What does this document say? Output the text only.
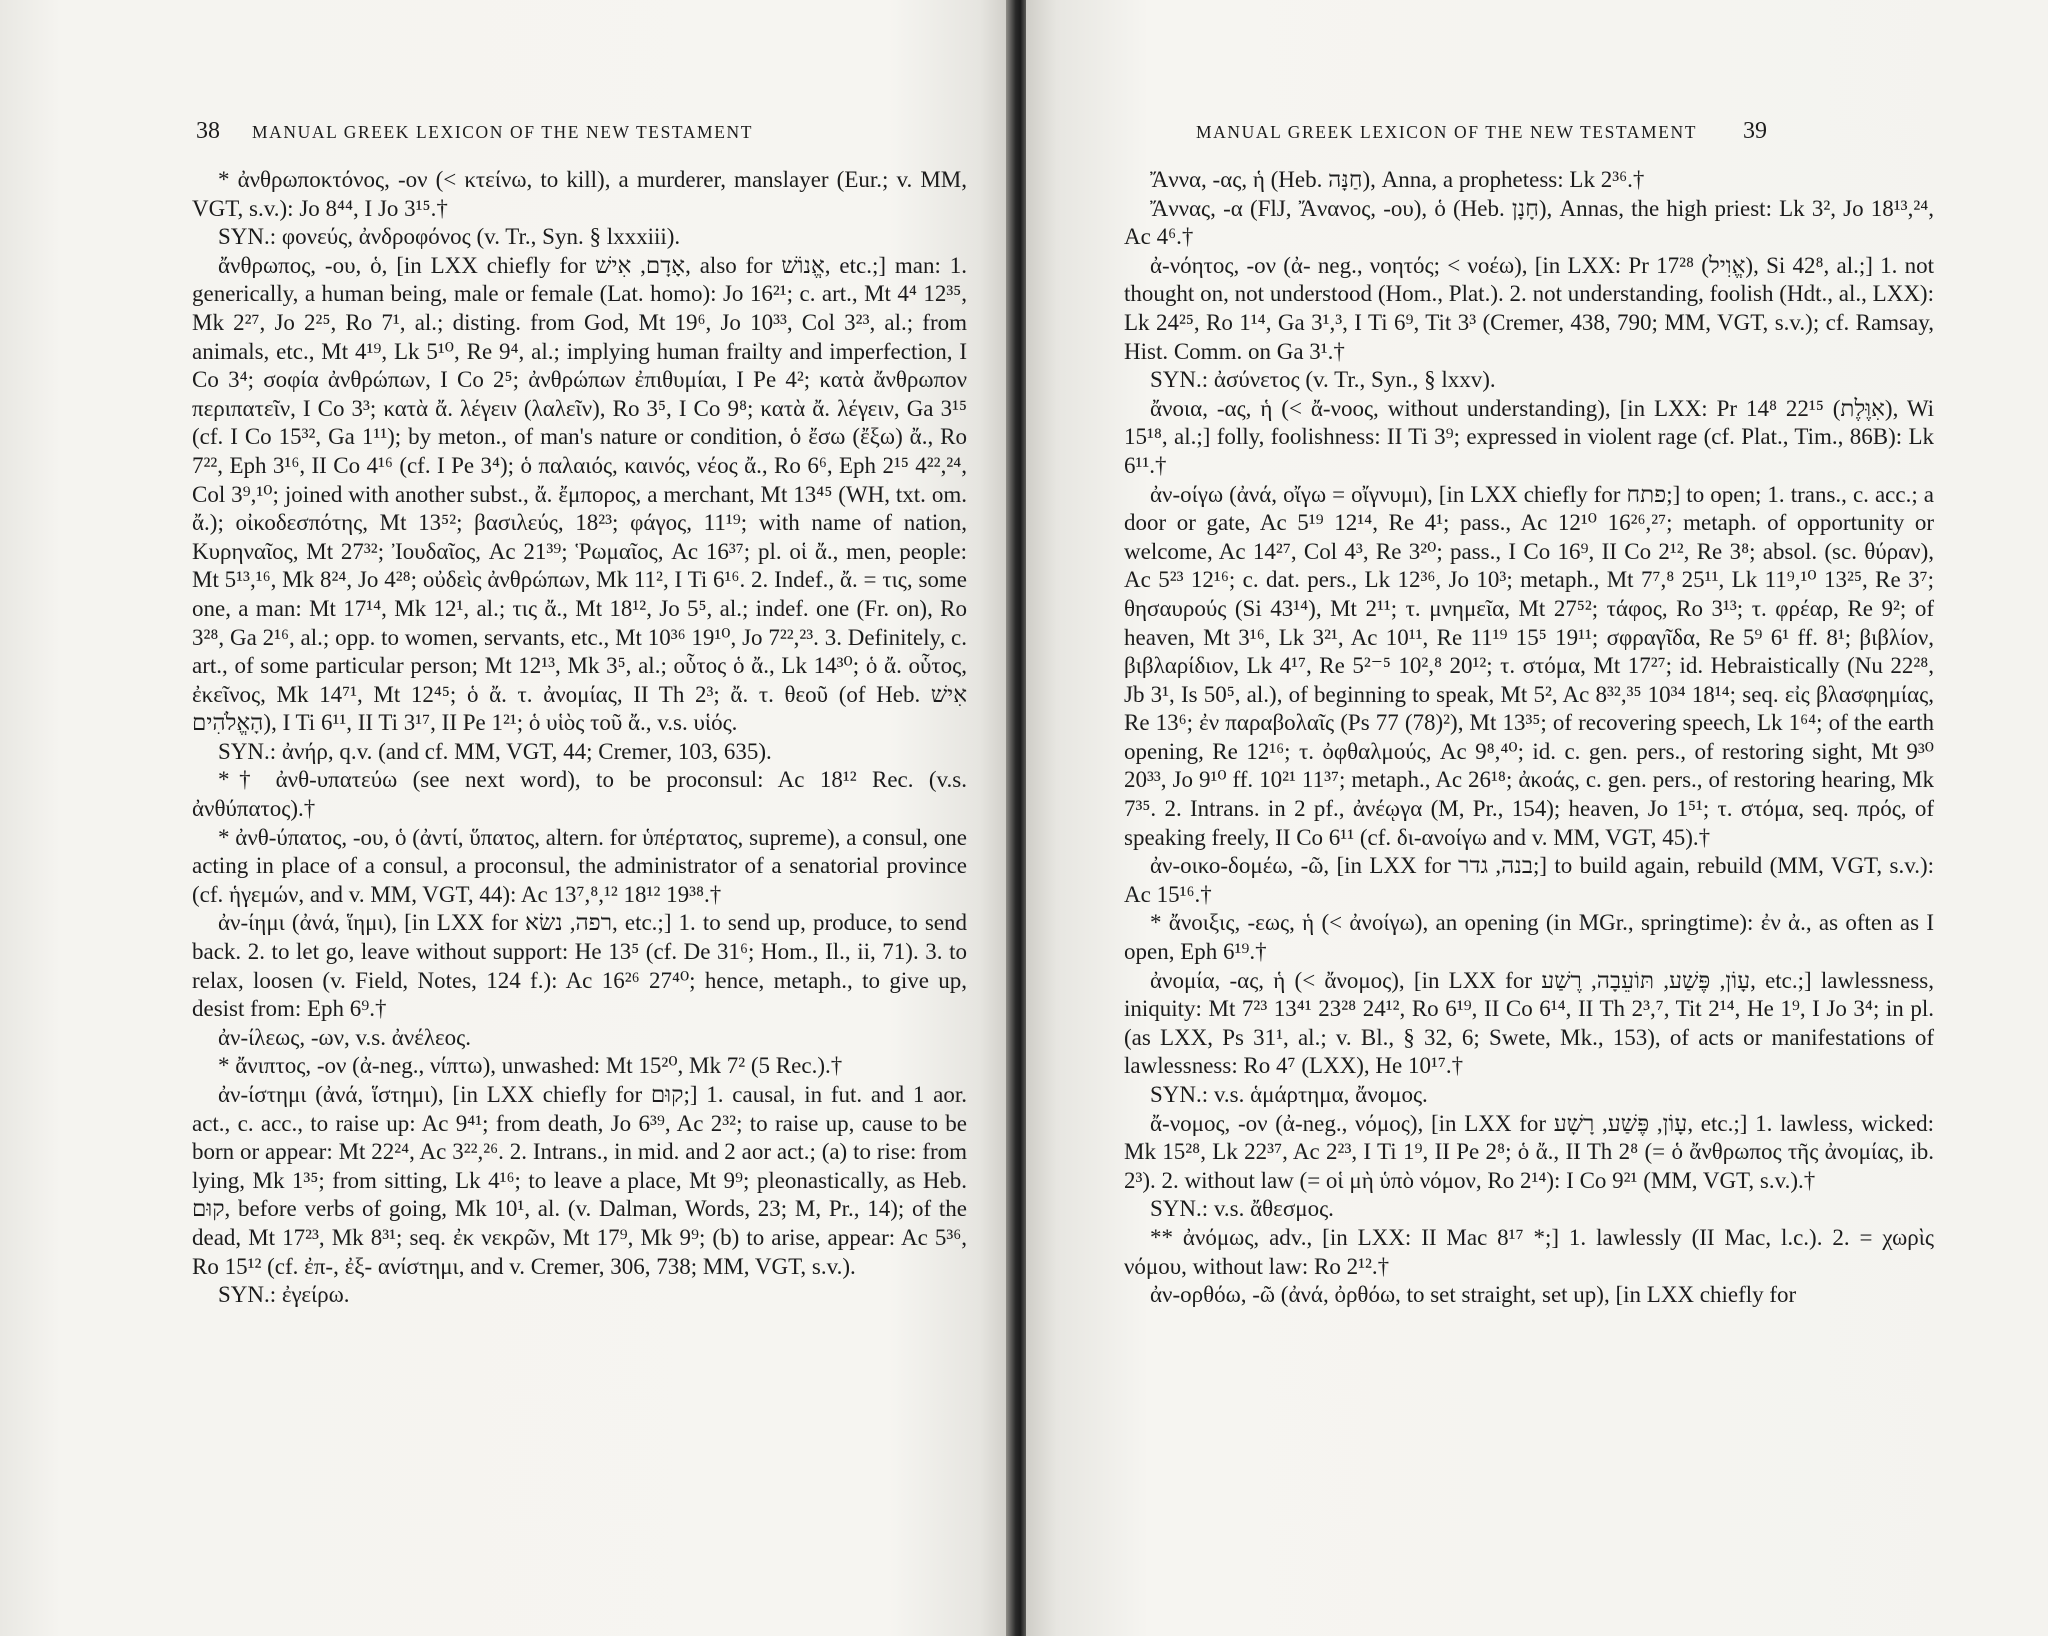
38 MANUAL GREEK LEXICON OF THE NEW TESTAMENT

* ἀνθρωποκτόνος, -ον (< κτείνω, to kill), a murderer, manslayer (Eur.; v. MM, VGT, s.v.): Jo 8⁴⁴, I Jo 3¹⁵.†

SYN.: φονεύς, ἀνδροφόνος (v. Tr., Syn. § lxxxiii).

ἄνθρωπος, -ου, ὁ, [in LXX chiefly for אָדָם, אִישׁ, also for אֱנוֹשׁ, etc.;] man: 1. generically, a human being, male or female (Lat. homo): Jo 16²¹; c. art., Mt 4⁴ 12³⁵, Mk 2²⁷, Jo 2²⁵, Ro 7¹, al.; disting. from God, Mt 19⁶, Jo 10³³, Col 3²³, al.; from animals, etc., Mt 4¹⁹, Lk 5¹⁰, Re 9⁴, al.; implying human frailty and imperfection, I Co 3⁴; σοφία ἀνθρώπων, I Co 2⁵; ἀνθρώπων ἐπιθυμίαι, I Pe 4²; κατὰ ἄνθρωπον περιπατεῖν, I Co 3³; κατὰ ἄ. λέγειν (λαλεῖν), Ro 3⁵, I Co 9⁸; κατὰ ἄ. λέγειν, Ga 3¹⁵ (cf. I Co 15³², Ga 1¹¹); by meton., of man's nature or condition, ὁ ἔσω (ἔξω) ἄ., Ro 7²², Eph 3¹⁶, II Co 4¹⁶ (cf. I Pe 3⁴); ὁ παλαιός, καινός, νέος ἄ., Ro 6⁶, Eph 2¹⁵ 4²²,²⁴, Col 3⁹,¹⁰; joined with another subst., ἄ. ἔμπορος, a merchant, Mt 13⁴⁵ (WH, txt. om. ἄ.); οἰκοδεσπότης, Mt 13⁵²; βασιλεύς, 18²³; φάγος, 11¹⁹; with name of nation, Κυρηναῖος, Mt 27³²; Ἰουδαῖος, Ac 21³⁹; Ῥωμαῖος, Ac 16³⁷; pl. οἱ ἄ., men, people: Mt 5¹³,¹⁶, Mk 8²⁴, Jo 4²⁸; οὐδεὶς ἀνθρώπων, Mk 11², I Ti 6¹⁶. 2. Indef., ἄ. = τις, some one, a man: Mt 17¹⁴, Mk 12¹, al.; τις ἄ., Mt 18¹², Jo 5⁵, al.; indef. one (Fr. on), Ro 3²⁸, Ga 2¹⁶, al.; opp. to women, servants, etc., Mt 10³⁶ 19¹⁰, Jo 7²²,²³. 3. Definitely, c. art., of some particular person; Mt 12¹³, Mk 3⁵, al.; οὗτος ὁ ἄ., Lk 14³⁰; ὁ ἄ. οὗτος, ἐκεῖνος, Mk 14⁷¹, Mt 12⁴⁵; ὁ ἄ. τ. ἀνομίας, II Th 2³; ἄ. τ. θεοῦ (of Heb. אִישׁ הָאֱלֹהִים), I Ti 6¹¹, II Ti 3¹⁷, II Pe 1²¹; ὁ υἱὸς τοῦ ἄ., v.s. υἱός.

SYN.: ἀνήρ, q.v. (and cf. MM, VGT, 44; Cremer, 103, 635).

*† ἀνθ-υπατεύω (see next word), to be proconsul: Ac 18¹² Rec. (v.s. ἀνθύπατος).†

* ἀνθ-ύπατος, -ου, ὁ (ἀντί, ὕπατος, altern. for ὑπέρτατος, supreme), a consul, one acting in place of a consul, a proconsul, the administrator of a senatorial province (cf. ἡγεμών, and v. MM, VGT, 44): Ac 13⁷,⁸,¹² 18¹² 19³⁸.†

ἀν-ίημι (ἀνά, ἵημι), [in LXX for רפה, נשׂא, etc.;] 1. to send up, produce, to send back. 2. to let go, leave without support: He 13⁵ (cf. De 31⁶; Hom., Il., ii, 71). 3. to relax, loosen (v. Field, Notes, 124 f.): Ac 16²⁶ 27⁴⁰; hence, metaph., to give up, desist from: Eph 6⁹.†

ἀν-ίλεως, -ων, v.s. ἀνέλεος.

* ἄνιπτος, -ον (ἀ-neg., νίπτω), unwashed: Mt 15²⁰, Mk 7² (5 Rec.).†

ἀν-ίστημι (ἀνά, ἵστημι), [in LXX chiefly for קוּם;] 1. causal, in fut. and 1 aor. act., c. acc., to raise up: Ac 9⁴¹; from death, Jo 6³⁹, Ac 2³²; to raise up, cause to be born or appear: Mt 22²⁴, Ac 3²²,²⁶. 2. Intrans., in mid. and 2 aor act.; (a) to rise: from lying, Mk 1³⁵; from sitting, Lk 4¹⁶; to leave a place, Mt 9⁹; pleonastically, as Heb. קוּם, before verbs of going, Mk 10¹, al. (v. Dalman, Words, 23; M, Pr., 14); of the dead, Mt 17²³, Mk 8³¹; seq. ἐκ νεκρῶν, Mt 17⁹, Mk 9⁹; (b) to arise, appear: Ac 5³⁶, Ro 15¹² (cf. ἐπ-, ἐξ- ανίστημι, and v. Cremer, 306, 738; MM, VGT, s.v.).

SYN.: ἐγείρω.

MANUAL GREEK LEXICON OF THE NEW TESTAMENT 39

Ἄννα, -ας, ἡ (Heb. חַנָּה), Anna, a prophetess: Lk 2³⁶.†

Ἄννας, -α (FlJ, Ἄνανος, -ου), ὁ (Heb. חָנָן), Annas, the high priest: Lk 3², Jo 18¹³,²⁴, Ac 4⁶.†

ἀ-νόητος, -ον (ἀ- neg., νοητός; < νοέω), [in LXX: Pr 17²⁸ (אֱוִיל), Si 42⁸, al.;] 1. not thought on, not understood (Hom., Plat.). 2. not understanding, foolish (Hdt., al., LXX): Lk 24²⁵, Ro 1¹⁴, Ga 3¹,³, I Ti 6⁹, Tit 3³ (Cremer, 438, 790; MM, VGT, s.v.); cf. Ramsay, Hist. Comm. on Ga 3¹.†

SYN.: ἀσύνετος (v. Tr., Syn., § lxxv).

ἄνοια, -ας, ἡ (< ἄ-νοος, without understanding), [in LXX: Pr 14⁸ 22¹⁵ (אִוֶּלֶת), Wi 15¹⁸, al.;] folly, foolishness: II Ti 3⁹; expressed in violent rage (cf. Plat., Tim., 86B): Lk 6¹¹.†

ἀν-οίγω (ἀνά, οἴγω = οἴγνυμι), [in LXX chiefly for פתח;] to open; 1. trans., c. acc.; a door or gate, Ac 5¹⁹ 12¹⁴, Re 4¹; pass., Ac 12¹⁰ 16²⁶,²⁷; metaph. of opportunity or welcome, Ac 14²⁷, Col 4³, Re 3²⁰; pass., I Co 16⁹, II Co 2¹², Re 3⁸; absol. (sc. θύραν), Ac 5²³ 12¹⁶; c. dat. pers., Lk 12³⁶, Jo 10³; metaph., Mt 7⁷,⁸ 25¹¹, Lk 11⁹,¹⁰ 13²⁵, Re 3⁷; θησαυρούς (Si 43¹⁴), Mt 2¹¹; τ. μνημεῖα, Mt 27⁵²; τάφος, Ro 3¹³; τ. φρέαρ, Re 9²; of heaven, Mt 3¹⁶, Lk 3²¹, Ac 10¹¹, Re 11¹⁹ 15⁵ 19¹¹; σφραγῖδα, Re 5⁹ 6¹ ff. 8¹; βιβλίον, βιβλαρίδιον, Lk 4¹⁷, Re 5²⁻⁵ 10²,⁸ 20¹²; τ. στόμα, Mt 17²⁷; id. Hebraistically (Nu 22²⁸, Jb 3¹, Is 50⁵, al.), of beginning to speak, Mt 5², Ac 8³²,³⁵ 10³⁴ 18¹⁴; seq. εἰς βλασφημίας, Re 13⁶; ἐν παραβολαῖς (Ps 77 (78)²), Mt 13³⁵; of recovering speech, Lk 1⁶⁴; of the earth opening, Re 12¹⁶; τ. ὀφθαλμούς, Ac 9⁸,⁴⁰; id. c. gen. pers., of restoring sight, Mt 9³⁰ 20³³, Jo 9¹⁰ ff. 10²¹ 11³⁷; metaph., Ac 26¹⁸; ἀκοάς, c. gen. pers., of restoring hearing, Mk 7³⁵. 2. Intrans. in 2 pf., ἀνέῳγα (M, Pr., 154); heaven, Jo 1⁵¹; τ. στόμα, seq. πρός, of speaking freely, II Co 6¹¹ (cf. δι-ανοίγω and v. MM, VGT, 45).†

ἀν-οικο-δομέω, -ῶ, [in LXX for בנה, גדר;] to build again, rebuild (MM, VGT, s.v.): Ac 15¹⁶.†

* ἄνοιξις, -εως, ἡ (< ἀνοίγω), an opening (in MGr., springtime): ἐν ἀ., as often as I open, Eph 6¹⁹.†

ἀνομία, -ας, ἡ (< ἄνομος), [in LXX for עָוֹן, פֶּשַׁע, תּוֹעֵבָה, רֶשַׁע, etc.;] lawlessness, iniquity: Mt 7²³ 13⁴¹ 23²⁸ 24¹², Ro 6¹⁹, II Co 6¹⁴, II Th 2³,⁷, Tit 2¹⁴, He 1⁹, I Jo 3⁴; in pl. (as LXX, Ps 31¹, al.; v. Bl., § 32, 6; Swete, Mk., 153), of acts or manifestations of lawlessness: Ro 4⁷ (LXX), He 10¹⁷.†

SYN.: v.s. ἁμάρτημα, ἄνομος.

ἄ-νομος, -ον (ἀ-neg., νόμος), [in LXX for עָוֹן, פֶּשַׁע, רָשָׁע, etc.;] 1. lawless, wicked: Mk 15²⁸, Lk 22³⁷, Ac 2²³, I Ti 1⁹, II Pe 2⁸; ὁ ἄ., II Th 2⁸ (= ὁ ἄνθρωπος τῆς ἀνομίας, ib. 2³). 2. without law (= οἱ μὴ ὑπὸ νόμον, Ro 2¹⁴): I Co 9²¹ (MM, VGT, s.v.).†

SYN.: v.s. ἄθεσμος.

** ἀνόμως, adv., [in LXX: II Mac 8¹⁷ *;] 1. lawlessly (II Mac, l.c.). 2. = χωρὶς νόμου, without law: Ro 2¹².†

ἀν-ορθόω, -ῶ (ἀνά, ὀρθόω, to set straight, set up), [in LXX chiefly for
